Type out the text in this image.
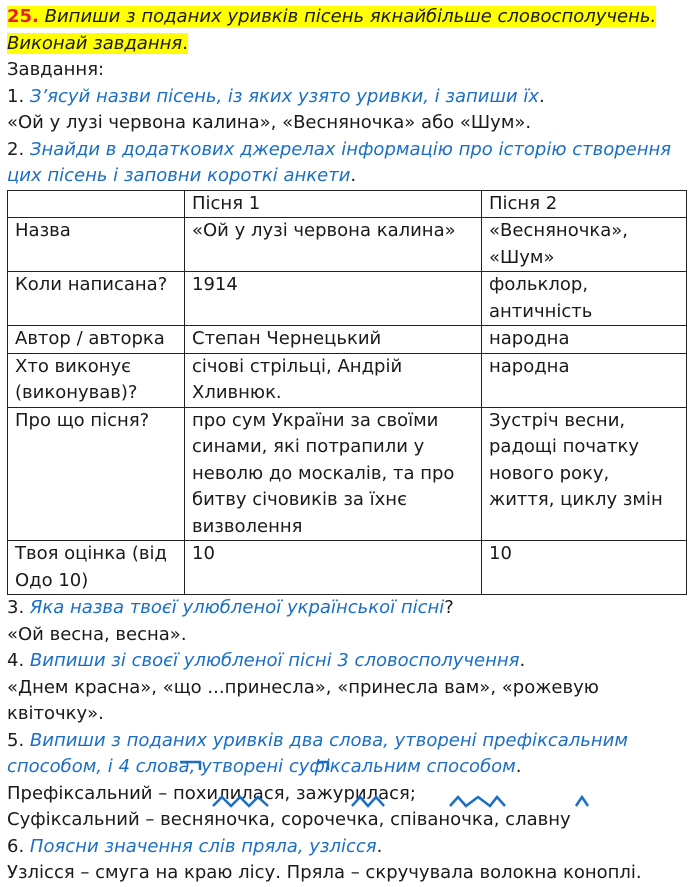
25. Випиши з поданих уривків пісень якнайбільше словосполучень.
Виконай завдання.
Завдання:
1. З’ясуй назви пісень, із яких узято уривки, і запиши їх.
«Ой у лузі червона калина», «Весняночка» або «Шум».
2. Знайди в додаткових джерелах інформацію про історію створення
цих пісень і заповни короткі анкети.
	Пісня 1	Пісня 2
Назва	«Ой у лузі червона калина»	«Весняночка», «Шум»
Коли написана?	1914	фольклор, античність
Автор / авторка	Степан Чернецький	народна
Хто виконує (виконував)?	січові стрільці, Андрій Хливнюк.	народна
Про що пісня?	про сум України за своїми синами, які потрапили у неволю до москалів, та про битву січовиків за їхнє визволення	Зустріч весни, радощі початку нового року, життя, циклу змін
Твоя оцінка (від Одо 10)	10	10
3. Яка назва твоєї улюбленої української пісні?
«Ой весна, весна».
4. Випиши зі своєї улюбленої пісні 3 словосполучення.
«Днем красна», «що ...принесла», «принесла вам», «рожевую
квіточку».
5. Випиши з поданих уривків два слова, утворені префіксальним
способом, і 4 слова, утворені суфіксальним способом.
Префіксальний – похилилася, зажурилася;
Суфіксальний – весняночка, сорочечка, співаночка, славну
6. Поясни значення слів пряла, узлісся.
Узлісся – смуга на краю лісу. Пряла – скручувала волокна коноплі.
